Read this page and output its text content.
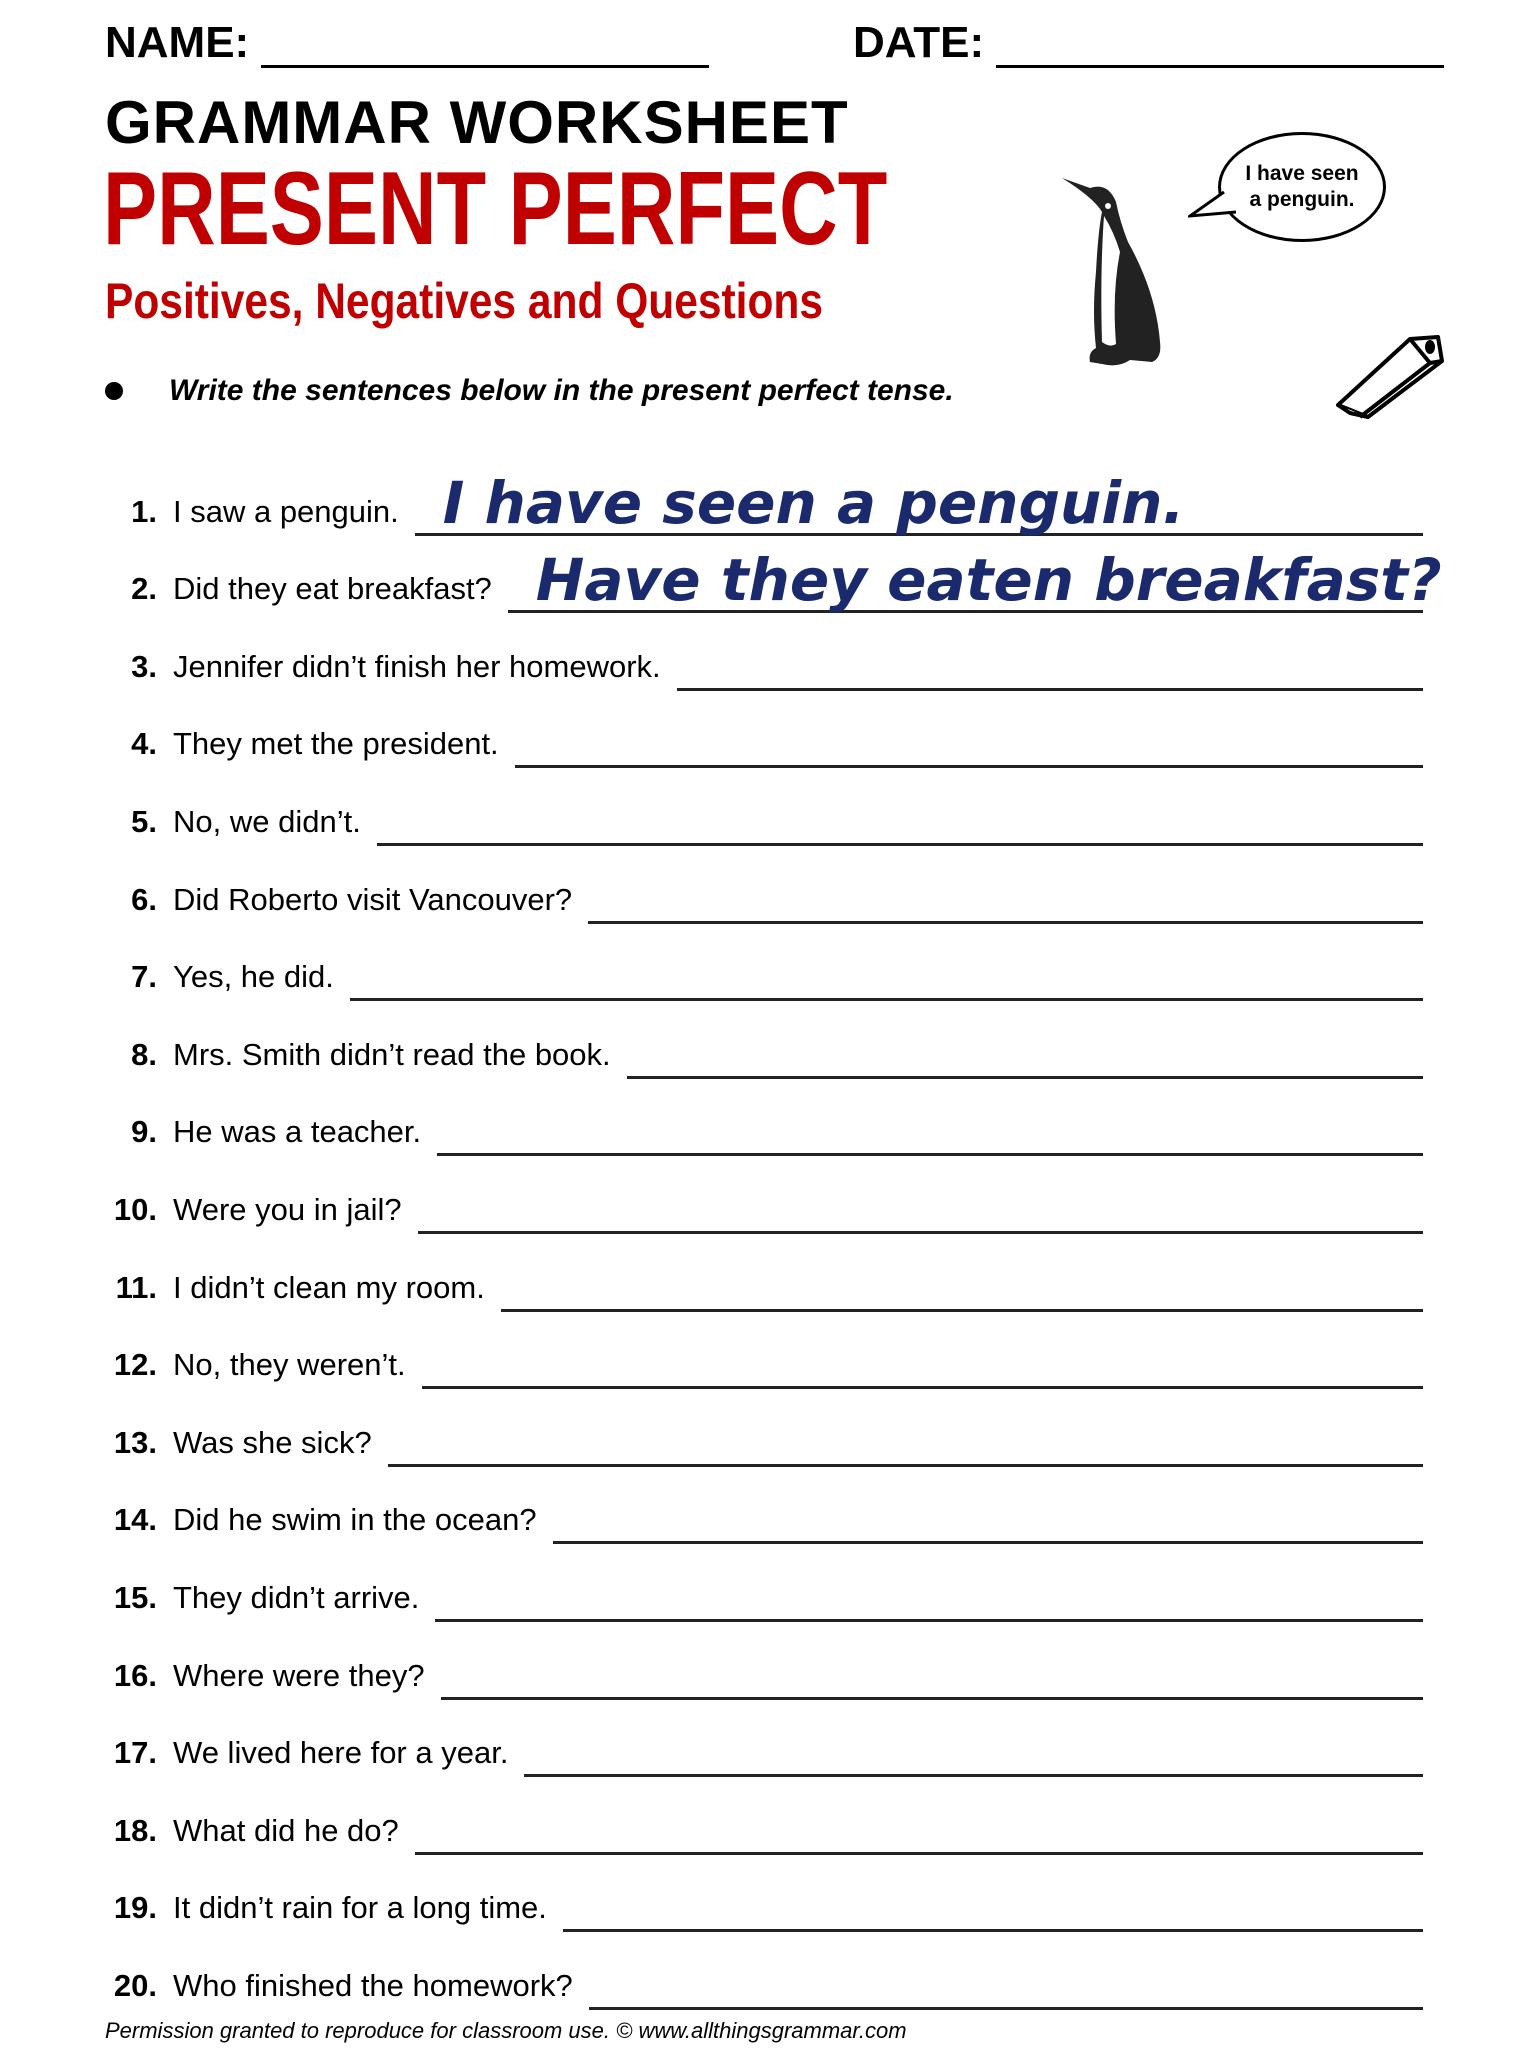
NAME:	DATE:
GRAMMAR WORKSHEET
PRESENT PERFECT
Positives, Negatives and Questions
I have seen
a penguin.
Write the sentences below in the present perfect tense.
1. I saw a penguin. I have seen a penguin.
2. Did they eat breakfast? Have they eaten breakfast?
3. Jennifer didn’t finish her homework.
4. They met the president.
5. No, we didn’t.
6. Did Roberto visit Vancouver?
7. Yes, he did.
8. Mrs. Smith didn’t read the book.
9. He was a teacher.
10. Were you in jail?
11. I didn’t clean my room.
12. No, they weren’t.
13. Was she sick?
14. Did he swim in the ocean?
15. They didn’t arrive.
16. Where were they?
17. We lived here for a year.
18. What did he do?
19. It didn’t rain for a long time.
20. Who finished the homework?
Permission granted to reproduce for classroom use. © www.allthingsgrammar.com
